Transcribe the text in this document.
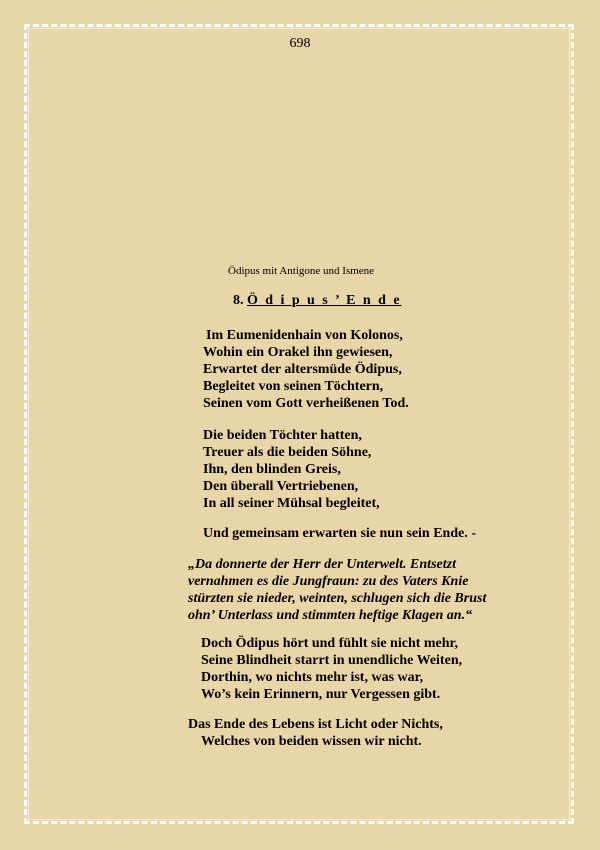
698
Ödipus mit Antigone und Ismene
8. Ö d i p u s ’ E n d e
Im Eumenidenhain von Kolonos,
Wohin ein Orakel ihn gewiesen,
Erwartet der altersmüde Ödipus,
Begleitet von seinen Töchtern,
Seinen vom Gott verheißenen Tod.
Die beiden Töchter hatten,
Treuer als die beiden Söhne,
Ihn, den blinden Greis,
Den überall Vertriebenen,
In all seiner Mühsal begleitet,
Und gemeinsam erwarten sie nun sein Ende. -
„Da donnerte der Herr der Unterwelt. Entsetzt
vernahmen es die Jungfraun: zu des Vaters Knie
stürzten sie nieder, weinten, schlugen sich die Brust
ohn’ Unterlass und stimmten heftige Klagen an.“
Doch Ödipus hört und fühlt sie nicht mehr,
Seine Blindheit starrt in unendliche Weiten,
Dorthin, wo nichts mehr ist, was war,
Wo’s kein Erinnern, nur Vergessen gibt.
Das Ende des Lebens ist Licht oder Nichts,
Welches von beiden wissen wir nicht.
